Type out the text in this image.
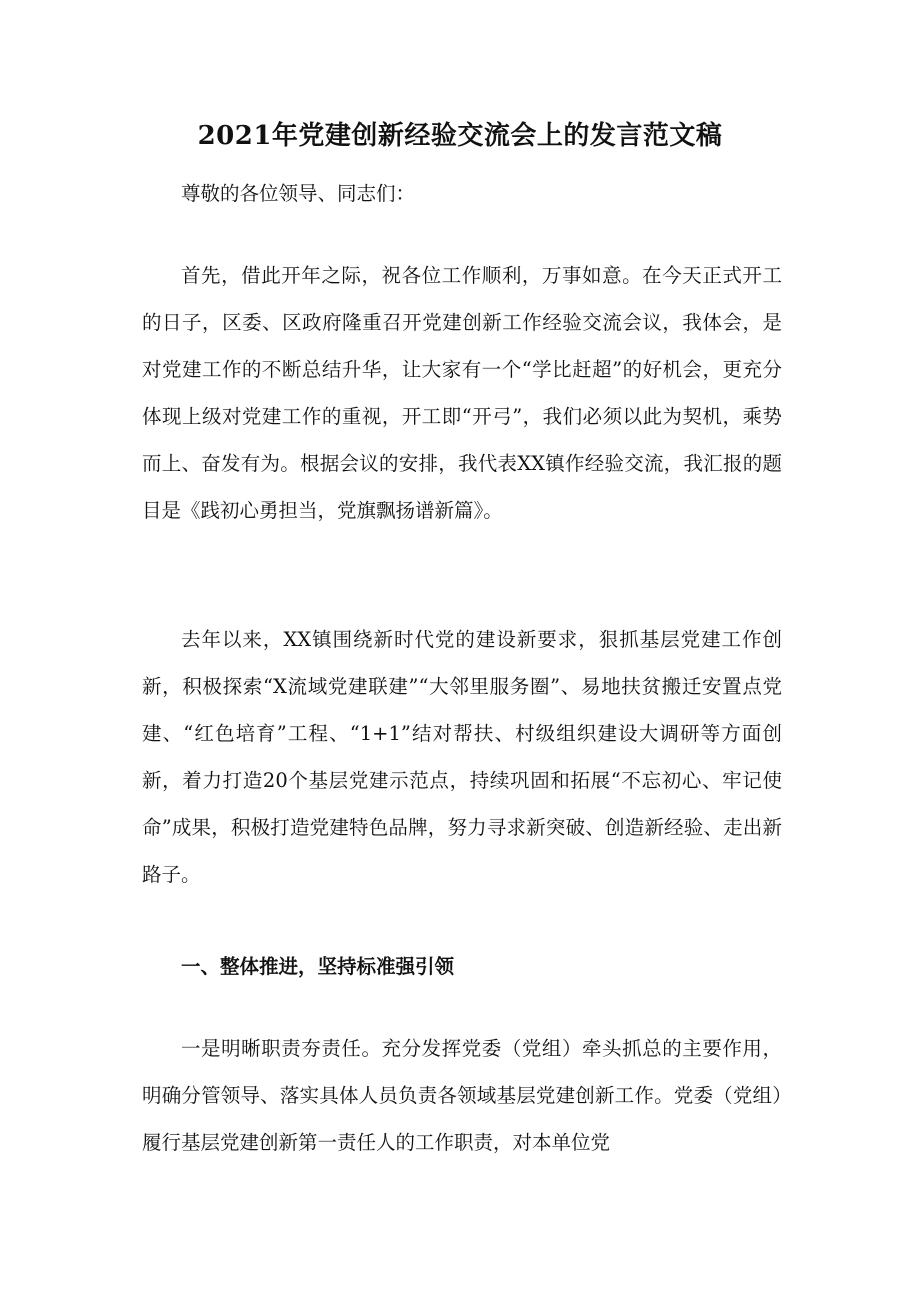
2021年党建创新经验交流会上的发言范文稿
尊敬的各位领导、同志们：
首先，借此开年之际，祝各位工作顺利，万事如意。在今天正式开工的日子，区委、区政府隆重召开党建创新工作经验交流会议，我体会，是对党建工作的不断总结升华，让大家有一个“学比赶超”的好机会，更充分体现上级对党建工作的重视，开工即“开弓”，我们必须以此为契机，乘势而上、奋发有为。根据会议的安排，我代表XX镇作经验交流，我汇报的题目是《践初心勇担当，党旗飘扬谱新篇》。
去年以来，XX镇围绕新时代党的建设新要求，狠抓基层党建工作创新，积极探索“X流域党建联建”“大邻里服务圈”、易地扶贫搬迁安置点党建、“红色培育”工程、“1+1”结对帮扶、村级组织建设大调研等方面创新，着力打造20个基层党建示范点，持续巩固和拓展“不忘初心、牢记使命”成果，积极打造党建特色品牌，努力寻求新突破、创造新经验、走出新路子。
一、整体推进，坚持标准强引领
一是明晰职责夯责任。充分发挥党委（党组）牵头抓总的主要作用，明确分管领导、落实具体人员负责各领域基层党建创新工作。党委（党组）履行基层党建创新第一责任人的工作职责，对本单位党
